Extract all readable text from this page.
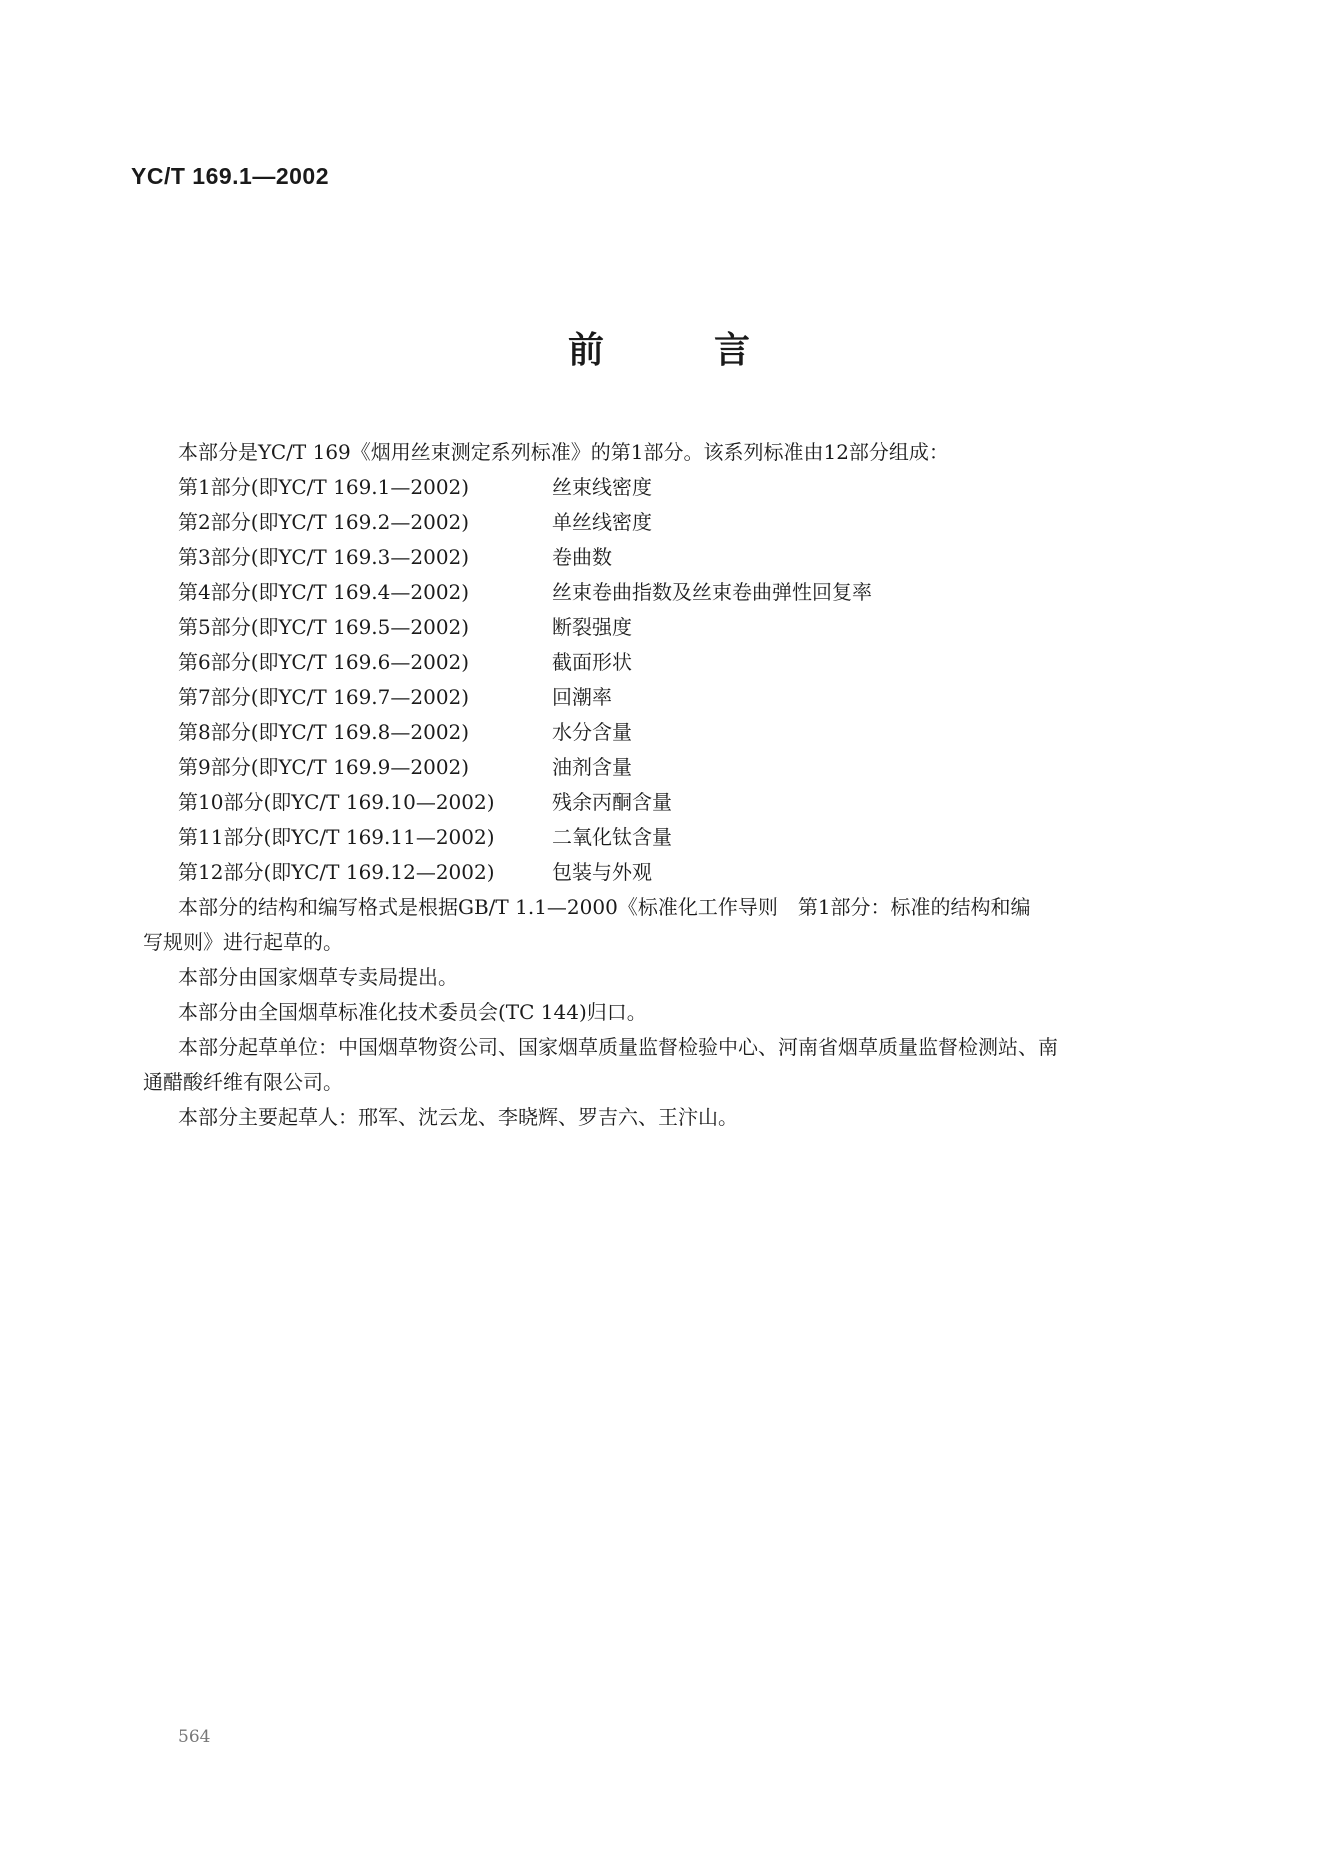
YC/T 169.1—2002
前言
本部分是YC/T 169《烟用丝束测定系列标准》的第1部分。该系列标准由12部分组成：
第1部分(即YC/T 169.1—2002)	丝束线密度
第2部分(即YC/T 169.2—2002)	单丝线密度
第3部分(即YC/T 169.3—2002)	卷曲数
第4部分(即YC/T 169.4—2002)	丝束卷曲指数及丝束卷曲弹性回复率
第5部分(即YC/T 169.5—2002)	断裂强度
第6部分(即YC/T 169.6—2002)	截面形状
第7部分(即YC/T 169.7—2002)	回潮率
第8部分(即YC/T 169.8—2002)	水分含量
第9部分(即YC/T 169.9—2002)	油剂含量
第10部分(即YC/T 169.10—2002)	残余丙酮含量
第11部分(即YC/T 169.11—2002)	二氧化钛含量
第12部分(即YC/T 169.12—2002)	包装与外观
本部分的结构和编写格式是根据GB/T 1.1—2000《标准化工作导则　第1部分：标准的结构和编
写规则》进行起草的。
本部分由国家烟草专卖局提出。
本部分由全国烟草标准化技术委员会(TC 144)归口。
本部分起草单位：中国烟草物资公司、国家烟草质量监督检验中心、河南省烟草质量监督检测站、南
通醋酸纤维有限公司。
本部分主要起草人：邢军、沈云龙、李晓辉、罗吉六、王汴山。
564
